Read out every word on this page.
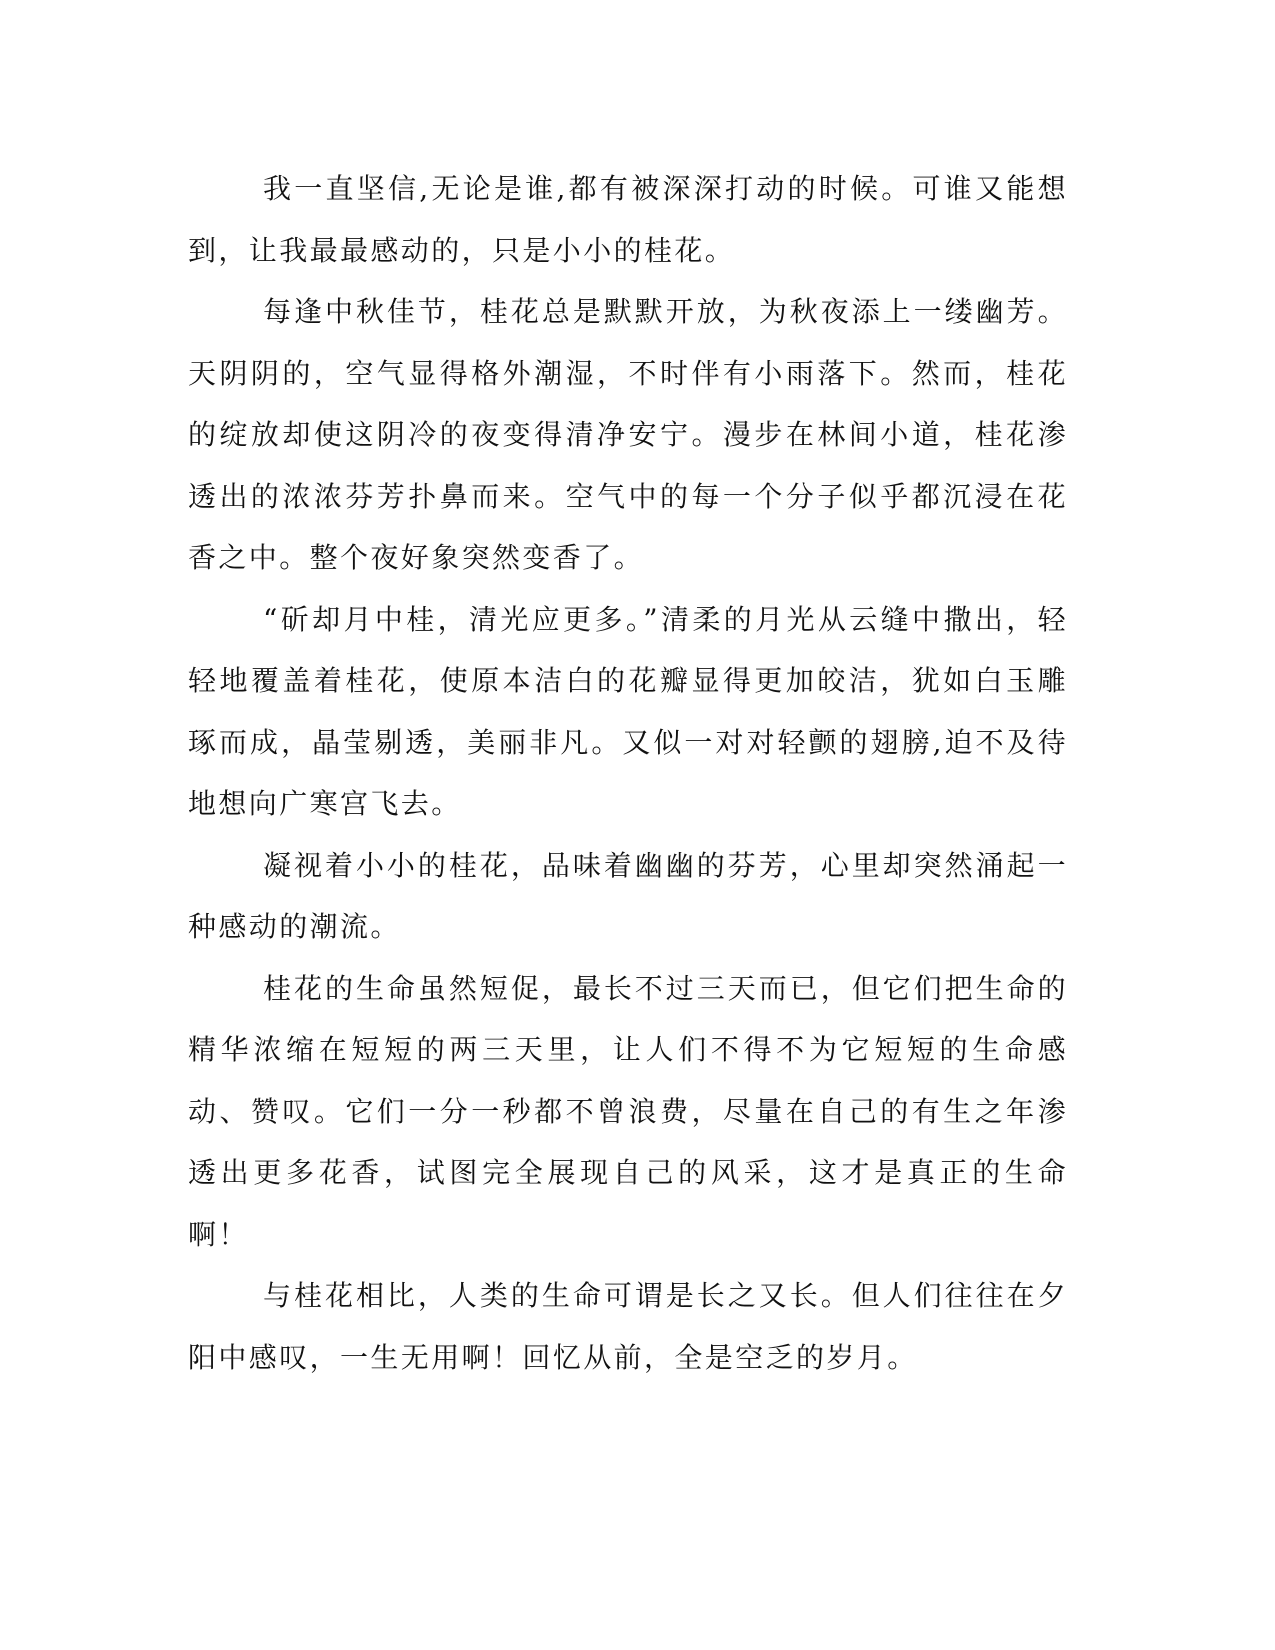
我一直坚信,无论是谁,都有被深深打动的时候。可谁又能想到，让我最最感动的，只是小小的桂花。

每逢中秋佳节，桂花总是默默开放，为秋夜添上一缕幽芳。天阴阴的，空气显得格外潮湿，不时伴有小雨落下。然而，桂花的绽放却使这阴冷的夜变得清净安宁。漫步在林间小道，桂花渗透出的浓浓芬芳扑鼻而来。空气中的每一个分子似乎都沉浸在花香之中。整个夜好象突然变香了。

“斫却月中桂，清光应更多。”清柔的月光从云缝中撒出，轻轻地覆盖着桂花，使原本洁白的花瓣显得更加皎洁，犹如白玉雕琢而成，晶莹剔透，美丽非凡。又似一对对轻颤的翅膀,迫不及待地想向广寒宫飞去。

凝视着小小的桂花，品味着幽幽的芬芳，心里却突然涌起一种感动的潮流。

桂花的生命虽然短促，最长不过三天而已，但它们把生命的精华浓缩在短短的两三天里，让人们不得不为它短短的生命感动、赞叹。它们一分一秒都不曾浪费，尽量在自己的有生之年渗透出更多花香，试图完全展现自己的风采，这才是真正的生命啊！

与桂花相比，人类的生命可谓是长之又长。但人们往往在夕阳中感叹，一生无用啊！回忆从前，全是空乏的岁月。
